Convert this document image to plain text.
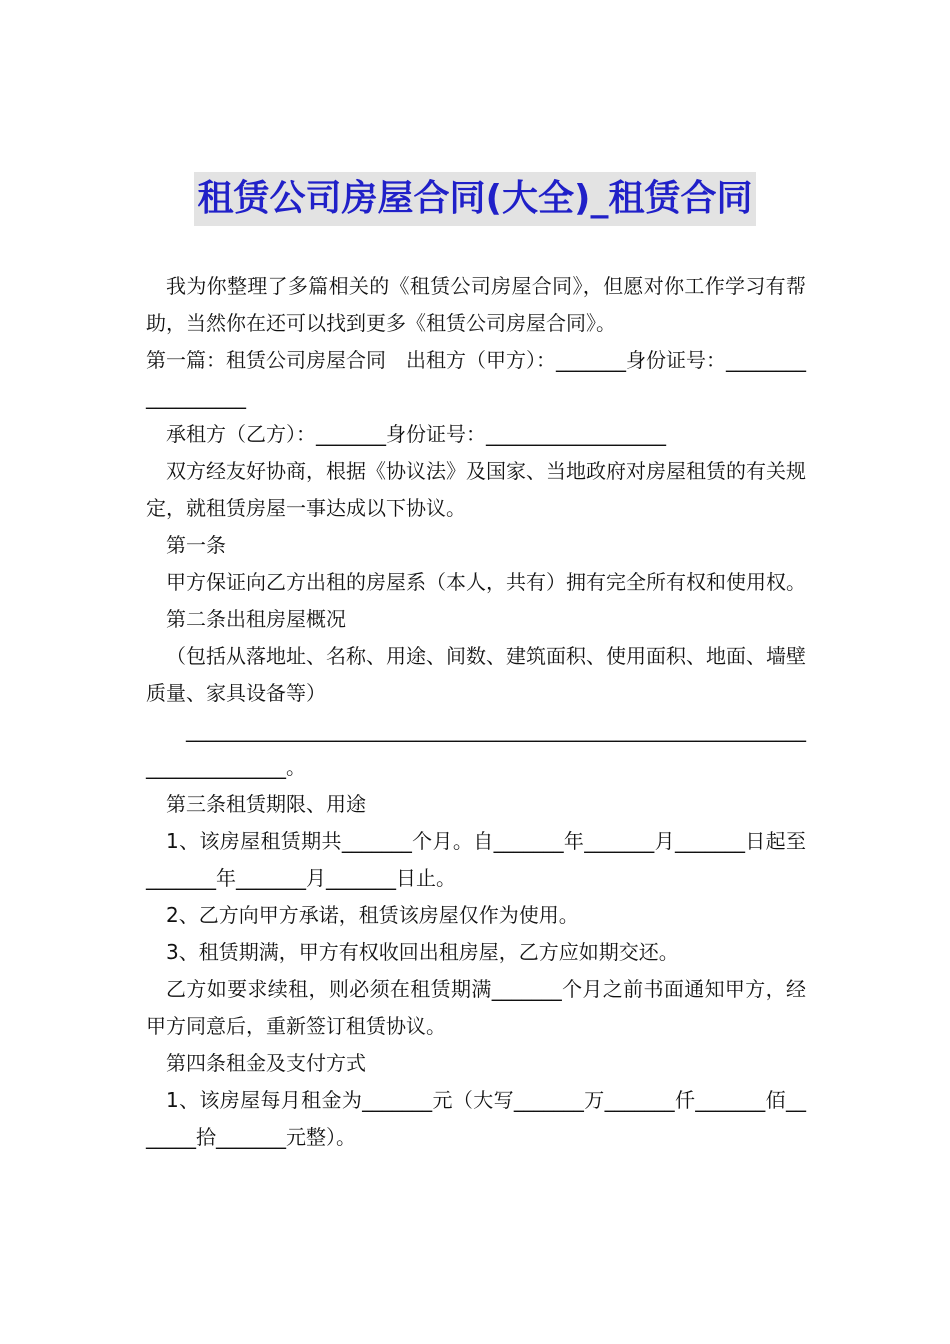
租赁公司房屋合同(大全)_租赁合同

我为你整理了多篇相关的《租赁公司房屋合同》，但愿对你工作学习有帮助，当然你在还可以找到更多《租赁公司房屋合同》。

第一篇：租赁公司房屋合同　出租方（甲方）：_______身份证号：__________________

承租方（乙方）：_______身份证号：__________________

双方经友好协商，根据《协议法》及国家、当地政府对房屋租赁的有关规定，就租赁房屋一事达成以下协议。

第一条

甲方保证向乙方出租的房屋系（本人，共有）拥有完全所有权和使用权。

第二条出租房屋概况

（包括从落地址、名称、用途、间数、建筑面积、使用面积、地面、墙壁质量、家具设备等）

____________________________________________________________________________。

第三条租赁期限、用途

1、该房屋租赁期共_______个月。自_______年_______月_______日起至_______年_______月_______日止。

2、乙方向甲方承诺，租赁该房屋仅作为使用。

3、租赁期满，甲方有权收回出租房屋，乙方应如期交还。

乙方如要求续租，则必须在租赁期满_______个月之前书面通知甲方，经甲方同意后，重新签订租赁协议。

第四条租金及支付方式

1、该房屋每月租金为_______元（大写_______万_______仟_______佰_______拾_______元整）。
